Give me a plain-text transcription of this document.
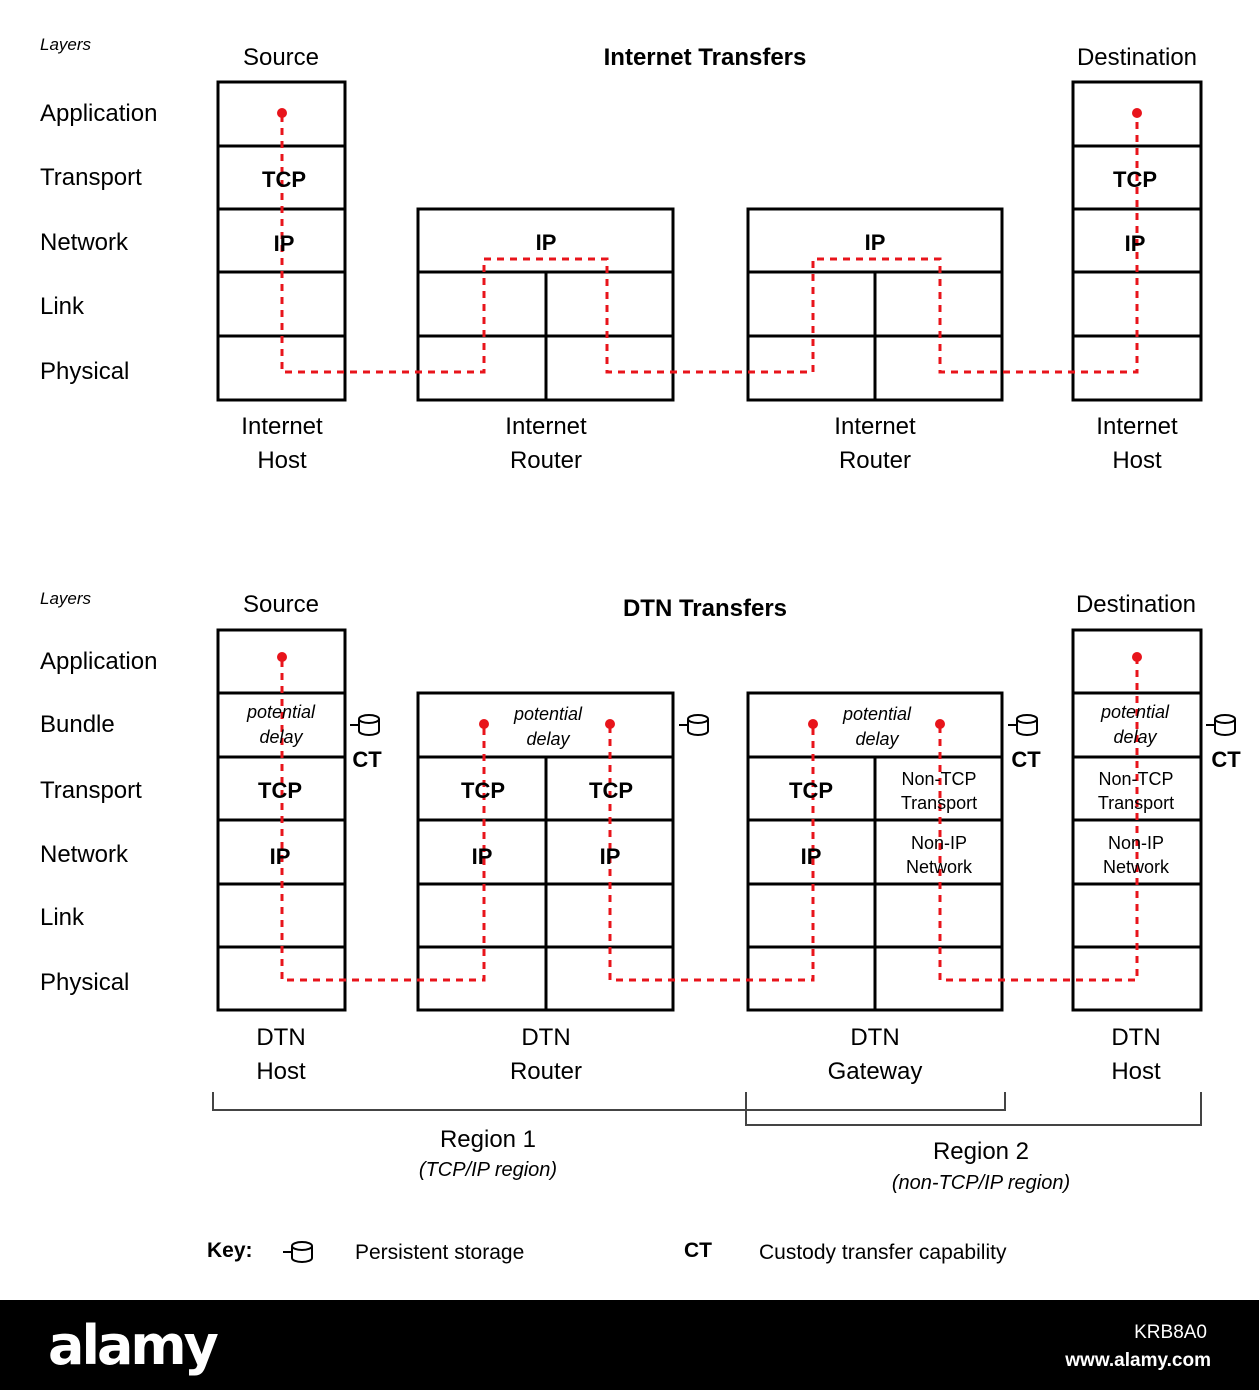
Layers	Source	Internet Transfers	Destination
Application
Transport
Network
Link
Physical
TCP
IP	IP	IP
TCP
IP
Internet
Host
Internet
Router
Internet
Router
Internet
Host
Layers	Source	DTN Transfers	Destination
Application
Bundle
Transport
Network
Link
Physical
potential
delay
potential
delay
potential
delay
potential
delay
TCP
IP
TCP
IP
TCP
IP
TCP
IP
Non-TCP
Transport
Non-IP
Network
Non-TCP
Transport
Non-IP
Network
CT	CT	CT
DTN
Host
DTN
Router
DTN
Gateway
DTN
Host
Region 1
(TCP/IP region)
Region 2
(non-TCP/IP region)
Key:	Persistent storage	CT Custody transfer capability
alamy	KRB8A0
www.alamy.com
